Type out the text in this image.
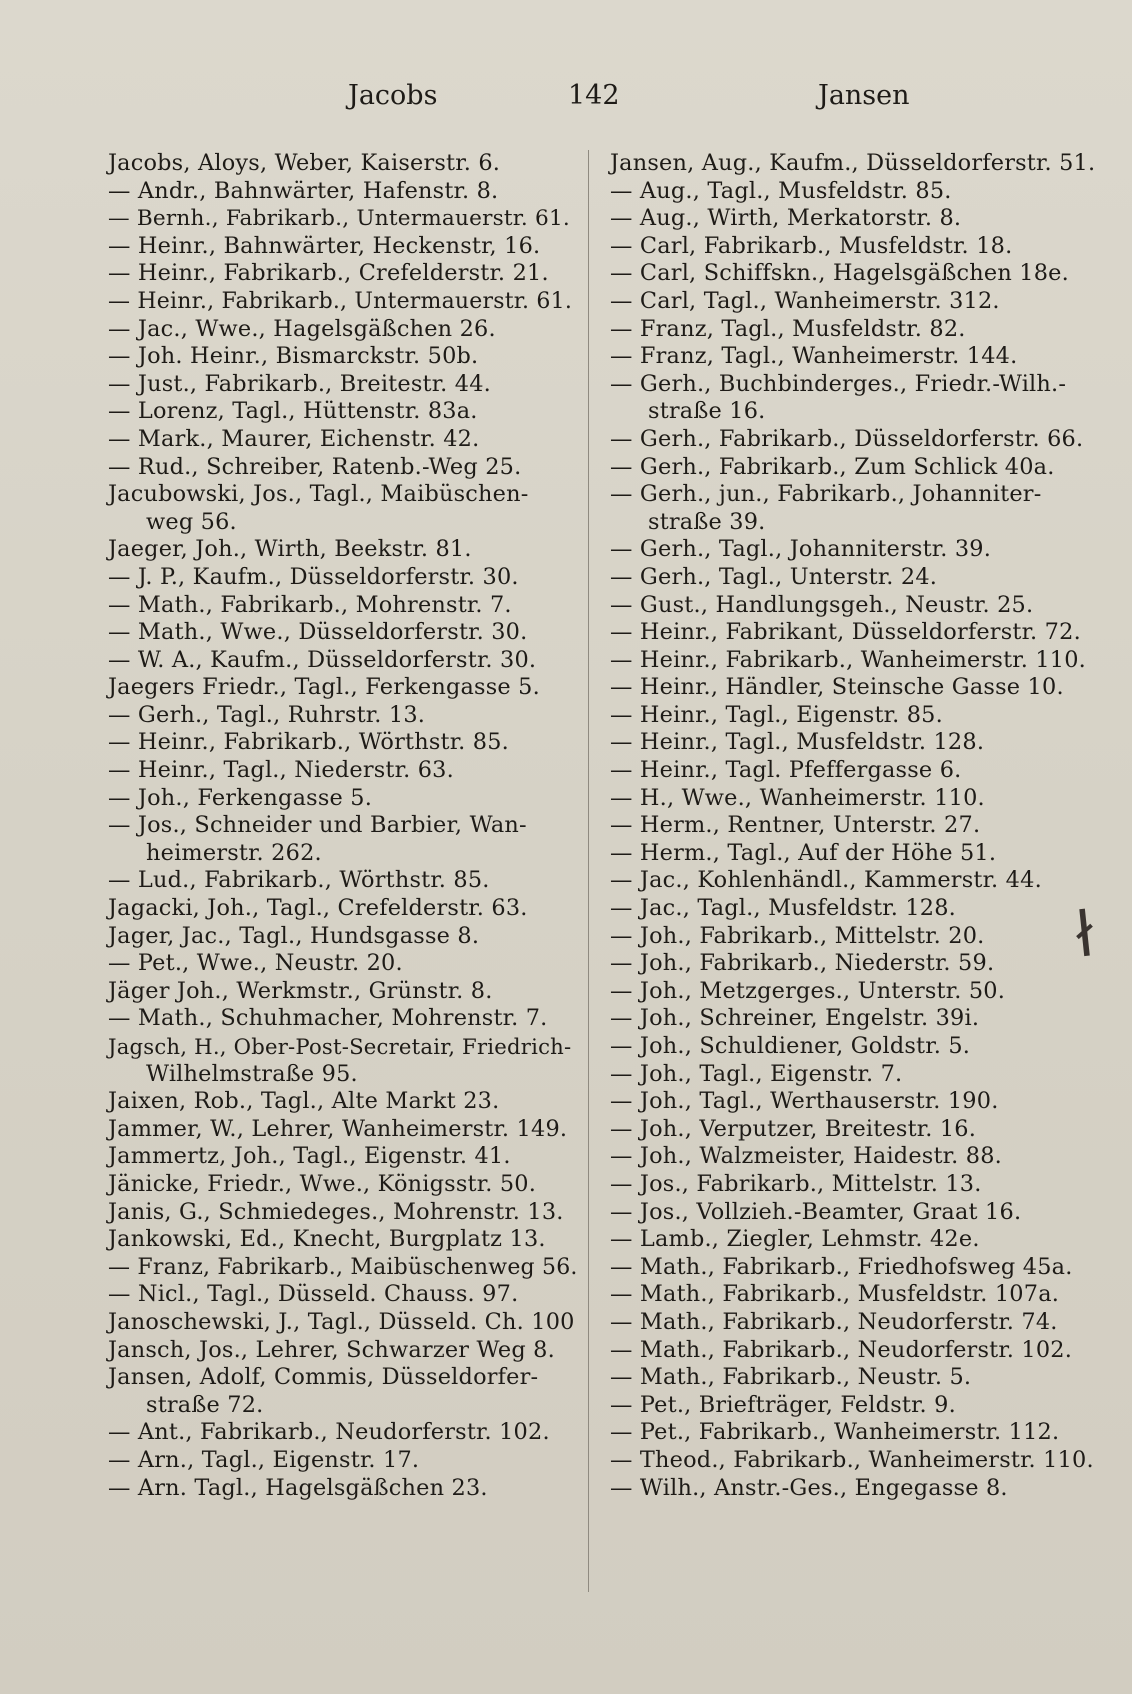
Jacobs	142	Jansen
Jacobs, Aloys, Weber, Kaiserstr. 6.
— Andr., Bahnwärter, Hafenstr. 8.
— Bernh., Fabrikarb., Untermauerstr. 61.
— Heinr., Bahnwärter, Heckenstr, 16.
— Heinr., Fabrikarb., Crefelderstr. 21.
— Heinr., Fabrikarb., Untermauerstr. 61.
— Jac., Wwe., Hagelsgäßchen 26.
— Joh. Heinr., Bismarckstr. 50b.
— Just., Fabrikarb., Breitestr. 44.
— Lorenz, Tagl., Hüttenstr. 83a.
— Mark., Maurer, Eichenstr. 42.
— Rud., Schreiber, Ratenb.-Weg 25.
Jacubowski, Jos., Tagl., Maibüschen-
weg 56.
Jaeger, Joh., Wirth, Beekstr. 81.
— J. P., Kaufm., Düsseldorferstr. 30.
— Math., Fabrikarb., Mohrenstr. 7.
— Math., Wwe., Düsseldorferstr. 30.
— W. A., Kaufm., Düsseldorferstr. 30.
Jaegers Friedr., Tagl., Ferkengasse 5.
— Gerh., Tagl., Ruhrstr. 13.
— Heinr., Fabrikarb., Wörthstr. 85.
— Heinr., Tagl., Niederstr. 63.
— Joh., Ferkengasse 5.
— Jos., Schneider und Barbier, Wan-
heimerstr. 262.
— Lud., Fabrikarb., Wörthstr. 85.
Jagacki, Joh., Tagl., Crefelderstr. 63.
Jager, Jac., Tagl., Hundsgasse 8.
— Pet., Wwe., Neustr. 20.
Jäger Joh., Werkmstr., Grünstr. 8.
— Math., Schuhmacher, Mohrenstr. 7.
Jagsch, H., Ober-Post-Secretair, Friedrich-
Wilhelmstraße 95.
Jaixen, Rob., Tagl., Alte Markt 23.
Jammer, W., Lehrer, Wanheimerstr. 149.
Jammertz, Joh., Tagl., Eigenstr. 41.
Jänicke, Friedr., Wwe., Königsstr. 50.
Janis, G., Schmiedeges., Mohrenstr. 13.
Jankowski, Ed., Knecht, Burgplatz 13.
— Franz, Fabrikarb., Maibüschenweg 56.
— Nicl., Tagl., Düsseld. Chauss. 97.
Janoschewski, J., Tagl., Düsseld. Ch. 100
Jansch, Jos., Lehrer, Schwarzer Weg 8.
Jansen, Adolf, Commis, Düsseldorfer-
straße 72.
— Ant., Fabrikarb., Neudorferstr. 102.
— Arn., Tagl., Eigenstr. 17.
— Arn. Tagl., Hagelsgäßchen 23.
Jansen, Aug., Kaufm., Düsseldorferstr. 51.
— Aug., Tagl., Musfeldstr. 85.
— Aug., Wirth, Merkatorstr. 8.
— Carl, Fabrikarb., Musfeldstr. 18.
— Carl, Schiffskn., Hagelsgäßchen 18e.
— Carl, Tagl., Wanheimerstr. 312.
— Franz, Tagl., Musfeldstr. 82.
— Franz, Tagl., Wanheimerstr. 144.
— Gerh., Buchbinderges., Friedr.-Wilh.-
straße 16.
— Gerh., Fabrikarb., Düsseldorferstr. 66.
— Gerh., Fabrikarb., Zum Schlick 40a.
— Gerh., jun., Fabrikarb., Johanniter-
straße 39.
— Gerh., Tagl., Johanniterstr. 39.
— Gerh., Tagl., Unterstr. 24.
— Gust., Handlungsgeh., Neustr. 25.
— Heinr., Fabrikant, Düsseldorferstr. 72.
— Heinr., Fabrikarb., Wanheimerstr. 110.
— Heinr., Händler, Steinsche Gasse 10.
— Heinr., Tagl., Eigenstr. 85.
— Heinr., Tagl., Musfeldstr. 128.
— Heinr., Tagl. Pfeffergasse 6.
— H., Wwe., Wanheimerstr. 110.
— Herm., Rentner, Unterstr. 27.
— Herm., Tagl., Auf der Höhe 51.
— Jac., Kohlenhändl., Kammerstr. 44.
— Jac., Tagl., Musfeldstr. 128.
— Joh., Fabrikarb., Mittelstr. 20.
— Joh., Fabrikarb., Niederstr. 59.
— Joh., Metzgerges., Unterstr. 50.
— Joh., Schreiner, Engelstr. 39i.
— Joh., Schuldiener, Goldstr. 5.
— Joh., Tagl., Eigenstr. 7.
— Joh., Tagl., Werthauserstr. 190.
— Joh., Verputzer, Breitestr. 16.
— Joh., Walzmeister, Haidestr. 88.
— Jos., Fabrikarb., Mittelstr. 13.
— Jos., Vollzieh.-Beamter, Graat 16.
— Lamb., Ziegler, Lehmstr. 42e.
— Math., Fabrikarb., Friedhofsweg 45a.
— Math., Fabrikarb., Musfeldstr. 107a.
— Math., Fabrikarb., Neudorferstr. 74.
— Math., Fabrikarb., Neudorferstr. 102.
— Math., Fabrikarb., Neustr. 5.
— Pet., Briefträger, Feldstr. 9.
— Pet., Fabrikarb., Wanheimerstr. 112.
— Theod., Fabrikarb., Wanheimerstr. 110.
— Wilh., Anstr.-Ges., Engegasse 8.
ł
